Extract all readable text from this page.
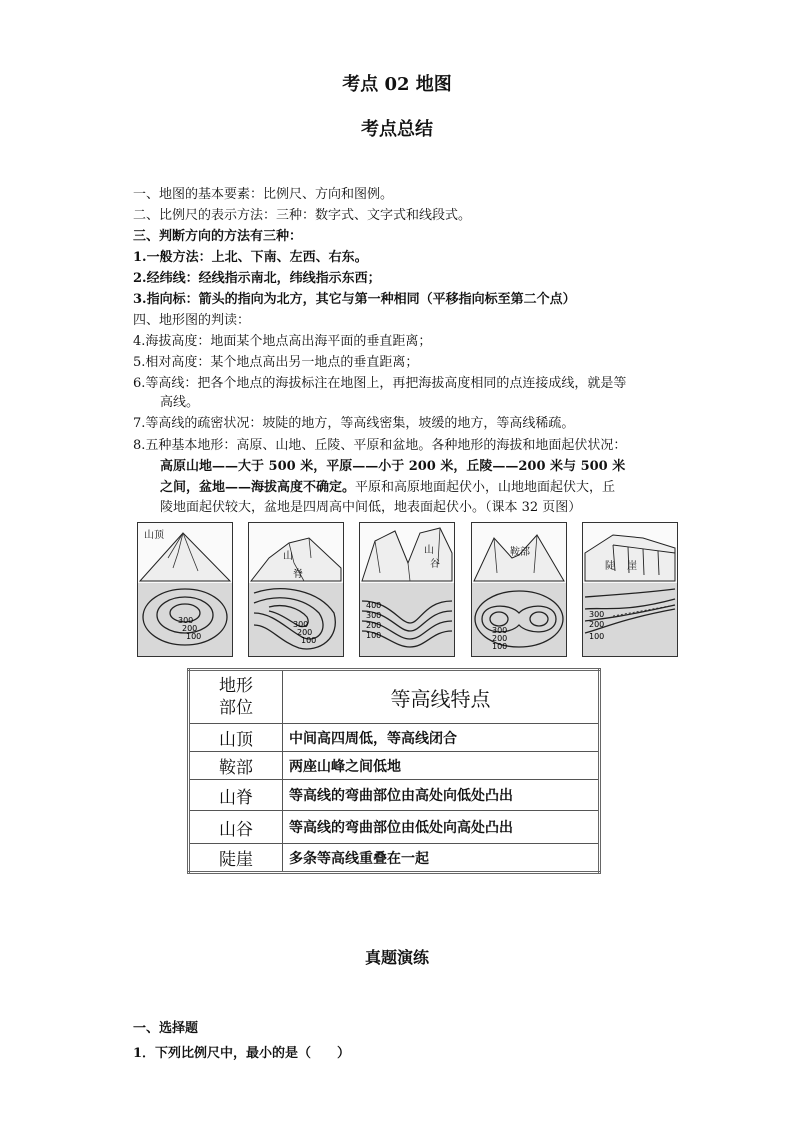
考点 02 地图
考点总结
一、地图的基本要素：比例尺、方向和图例。
二、比例尺的表示方法：三种：数字式、文字式和线段式。
三、判断方向的方法有三种：
1.一般方法：上北、下南、左西、右东。
2.经纬线：经线指示南北，纬线指示东西；
3.指向标：箭头的指向为北方，其它与第一种相同（平移指向标至第二个点）
四、地形图的判读：
4.海拔高度：地面某个地点高出海平面的垂直距离；
5.相对高度：某个地点高出另一地点的垂直距离；
6.等高线：把各个地点的海拔标注在地图上，再把海拔高度相同的点连接成线，就是等
高线。
7.等高线的疏密状况：坡陡的地方，等高线密集，坡缓的地方，等高线稀疏。
8.五种基本地形：高原、山地、丘陵、平原和盆地。各种地形的海拔和地面起伏状况：
高原山地——大于 500 米，平原——小于 200 米，丘陵——200 米与 500 米
之间，盆地——海拔高度不确定。平原和高原地面起伏小，山地地面起伏大，丘
陵地面起伏较大，盆地是四周高中间低，地表面起伏小。（课本 32 页图）
山顶
300
200
100
山
脊
300
200
100
山
谷
400
300
200
100
鞍部
300
200
100
陡 崖
300
200
100
地形
部位	等高线特点
山顶	中间高四周低，等高线闭合
鞍部	两座山峰之间低地
山脊	等高线的弯曲部位由高处向低处凸出
山谷	等高线的弯曲部位由低处向高处凸出
陡崖	多条等高线重叠在一起
真题演练
一、选择题
1．下列比例尺中，最小的是（　　）
